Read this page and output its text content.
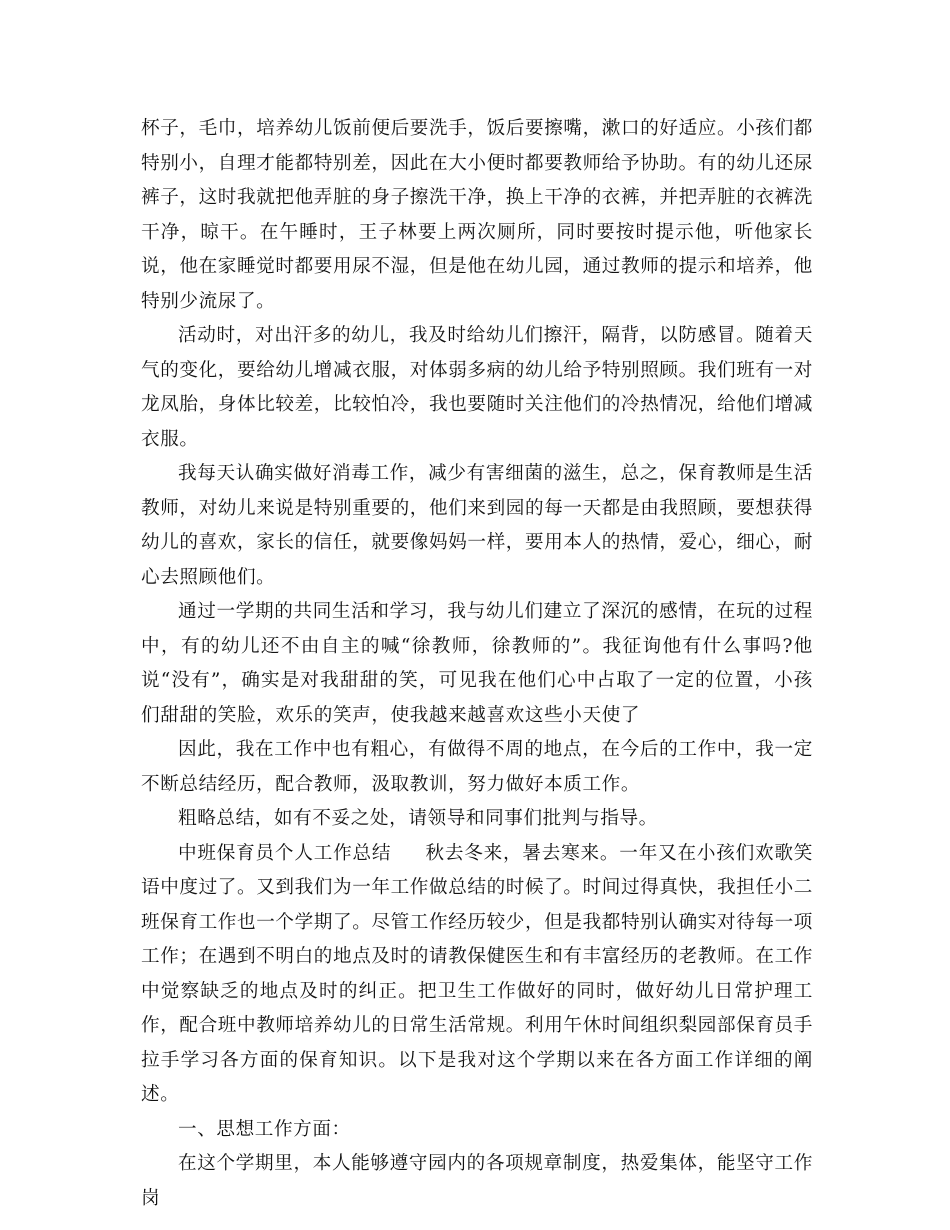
杯子，毛巾，培养幼儿饭前便后要洗手，饭后要擦嘴，漱口的好适应。小孩们都特别小，自理才能都特别差，因此在大小便时都要教师给予协助。有的幼儿还尿裤子，这时我就把他弄脏的身子擦洗干净，换上干净的衣裤，并把弄脏的衣裤洗干净，晾干。在午睡时，王子林要上两次厕所，同时要按时提示他，听他家长说，他在家睡觉时都要用尿不湿，但是他在幼儿园，通过教师的提示和培养，他特别少流尿了。

活动时，对出汗多的幼儿，我及时给幼儿们擦汗，隔背，以防感冒。随着天气的变化，要给幼儿增减衣服，对体弱多病的幼儿给予特别照顾。我们班有一对龙凤胎，身体比较差，比较怕冷，我也要随时关注他们的冷热情况，给他们增减衣服。

我每天认确实做好消毒工作，减少有害细菌的滋生，总之，保育教师是生活教师，对幼儿来说是特别重要的，他们来到园的每一天都是由我照顾，要想获得幼儿的喜欢，家长的信任，就要像妈妈一样，要用本人的热情，爱心，细心，耐心去照顾他们。

通过一学期的共同生活和学习，我与幼儿们建立了深沉的感情，在玩的过程中，有的幼儿还不由自主的喊“徐教师，徐教师的”。我征询他有什么事吗?他说“没有”，确实是对我甜甜的笑，可见我在他们心中占取了一定的位置，小孩们甜甜的笑脸，欢乐的笑声，使我越来越喜欢这些小天使了

因此，我在工作中也有粗心，有做得不周的地点，在今后的工作中，我一定不断总结经历，配合教师，汲取教训，努力做好本质工作。

粗略总结，如有不妥之处，请领导和同事们批判与指导。

中班保育员个人工作总结 秋去冬来，暑去寒来。一年又在小孩们欢歌笑语中度过了。又到我们为一年工作做总结的时候了。时间过得真快，我担任小二班保育工作也一个学期了。尽管工作经历较少，但是我都特别认确实对待每一项工作；在遇到不明白的地点及时的请教保健医生和有丰富经历的老教师。在工作中觉察缺乏的地点及时的纠正。把卫生工作做好的同时，做好幼儿日常护理工作，配合班中教师培养幼儿的日常生活常规。利用午休时间组织梨园部保育员手拉手学习各方面的保育知识。以下是我对这个学期以来在各方面工作详细的阐述。

一、思想工作方面：

在这个学期里，本人能够遵守园内的各项规章制度，热爱集体，能坚守工作岗
